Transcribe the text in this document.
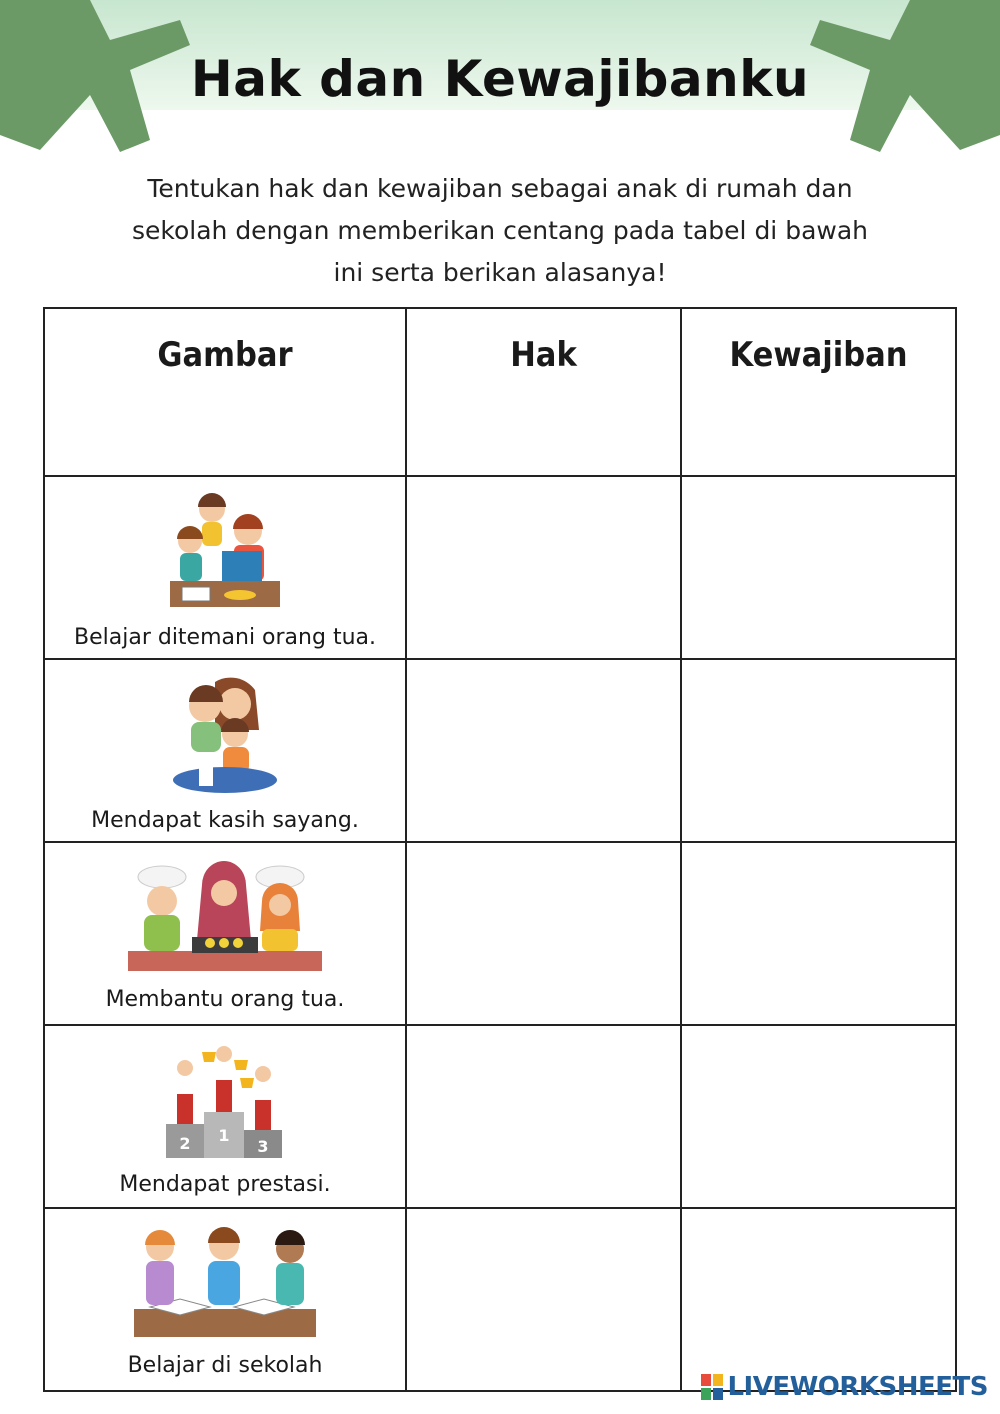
Hak dan Kewajibanku

Tentukan hak dan kewajiban sebagai anak di rumah dan sekolah dengan memberikan centang pada tabel di bawah ini serta berikan alasanya!

Gambar	Hak	Kewajiban

Belajar ditemani orang tua.		

Mendapat kasih sayang.		

Membantu orang tua.		

2 1
3
Mendapat prestasi.		

Belajar di sekolah		

LIVEWORKSHEETS
